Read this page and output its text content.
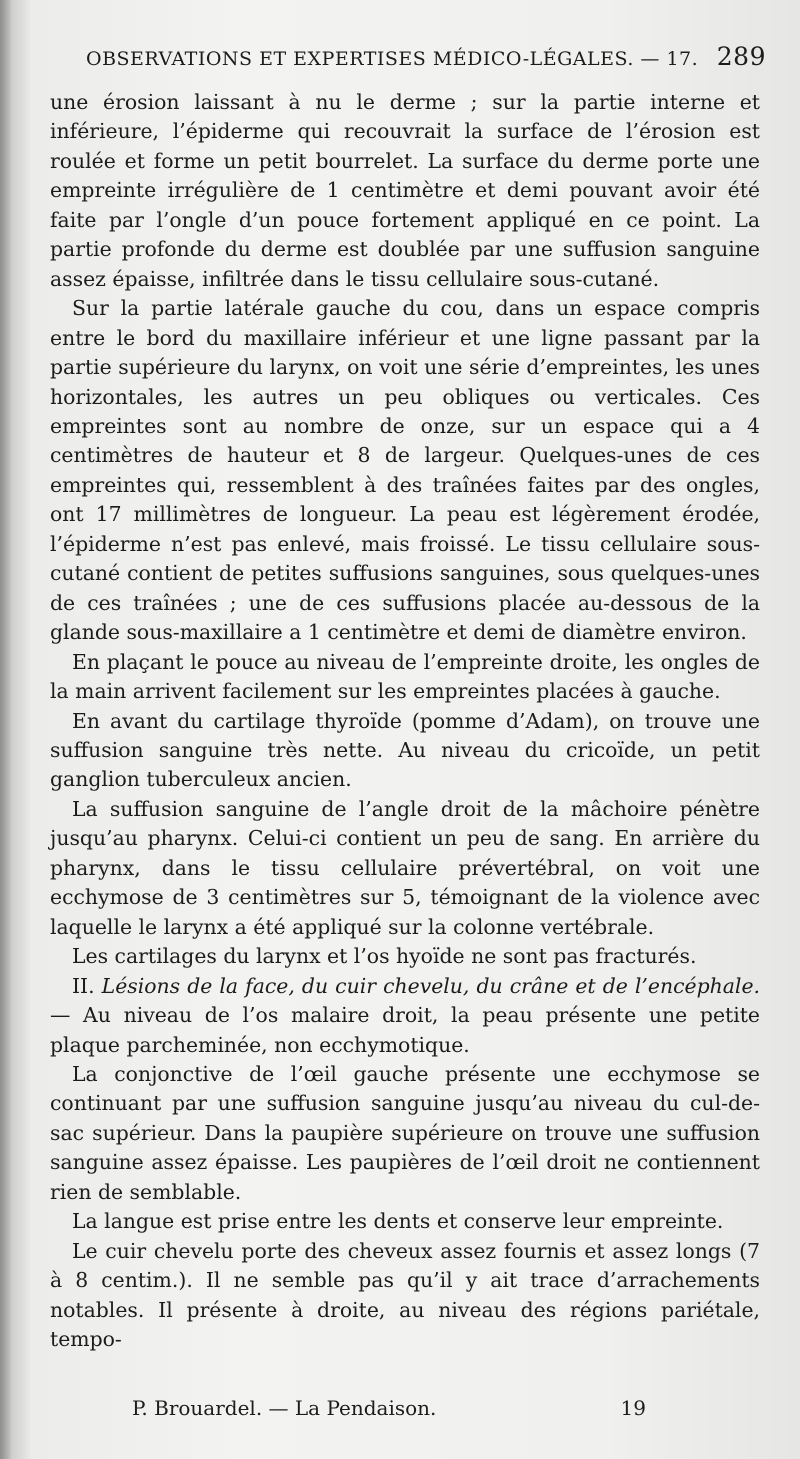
OBSERVATIONS ET EXPERTISES MÉDICO-LÉGALES. — 17. 289

une érosion laissant à nu le derme ; sur la partie interne et inférieure, l’épiderme qui recouvrait la surface de l’érosion est roulée et forme un petit bourrelet. La surface du derme porte une empreinte irrégulière de 1 centimètre et demi pouvant avoir été faite par l’ongle d’un pouce fortement appliqué en ce point. La partie profonde du derme est doublée par une suffusion sanguine assez épaisse, infiltrée dans le tissu cellulaire sous-cutané.

Sur la partie latérale gauche du cou, dans un espace compris entre le bord du maxillaire inférieur et une ligne passant par la partie supérieure du larynx, on voit une série d’empreintes, les unes horizontales, les autres un peu obliques ou verticales. Ces empreintes sont au nombre de onze, sur un espace qui a 4 centimètres de hauteur et 8 de largeur. Quelques-unes de ces empreintes qui, ressemblent à des traînées faites par des ongles, ont 17 millimètres de longueur. La peau est légèrement érodée, l’épiderme n’est pas enlevé, mais froissé. Le tissu cellulaire sous-cutané contient de petites suffusions sanguines, sous quelques-unes de ces traînées ; une de ces suffusions placée au-dessous de la glande sous-maxillaire a 1 centimètre et demi de diamètre environ.

En plaçant le pouce au niveau de l’empreinte droite, les ongles de la main arrivent facilement sur les empreintes placées à gauche.

En avant du cartilage thyroïde (pomme d’Adam), on trouve une suffusion sanguine très nette. Au niveau du cricoïde, un petit ganglion tuberculeux ancien.

La suffusion sanguine de l’angle droit de la mâchoire pénètre jusqu’au pharynx. Celui-ci contient un peu de sang. En arrière du pharynx, dans le tissu cellulaire prévertébral, on voit une ecchymose de 3 centimètres sur 5, témoignant de la violence avec laquelle le larynx a été appliqué sur la colonne vertébrale.

Les cartilages du larynx et l’os hyoïde ne sont pas fracturés.

II. Lésions de la face, du cuir chevelu, du crâne et de l’encéphale. — Au niveau de l’os malaire droit, la peau présente une petite plaque parcheminée, non ecchymotique.

La conjonctive de l’œil gauche présente une ecchymose se continuant par une suffusion sanguine jusqu’au niveau du cul-de-sac supérieur. Dans la paupière supérieure on trouve une suffusion sanguine assez épaisse. Les paupières de l’œil droit ne contiennent rien de semblable.

La langue est prise entre les dents et conserve leur empreinte.

Le cuir chevelu porte des cheveux assez fournis et assez longs (7 à 8 centim.). Il ne semble pas qu’il y ait trace d’arrachements notables. Il présente à droite, au niveau des régions pariétale, tempo-

P. Brouardel. — La Pendaison.	19
